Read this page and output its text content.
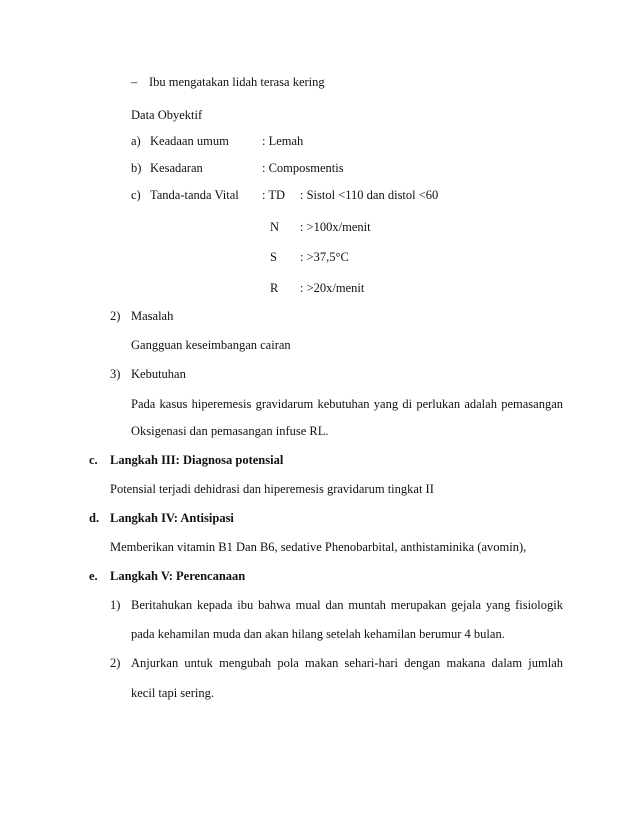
– Ibu mengatakan lidah terasa kering
Data Obyektif
a) Keadaan umum	: Lemah
b) Kesadaran	: Composmentis
c) Tanda-tanda Vital : TD : Sistol <110 dan distol <60
N : >100x/menit
S : >37,5°C
R : >20x/menit
2) Masalah
Gangguan keseimbangan cairan
3) Kebutuhan
Pada kasus hiperemesis gravidarum kebutuhan yang di perlukan adalah pemasangan
Oksigenasi dan pemasangan infuse RL.
c. Langkah III: Diagnosa potensial
Potensial terjadi dehidrasi dan hiperemesis gravidarum tingkat II
d. Langkah IV: Antisipasi
Memberikan vitamin B1 Dan B6, sedative Phenobarbital, anthistaminika (avomin),
e. Langkah V: Perencanaan
1) Beritahukan kepada ibu bahwa mual dan muntah merupakan gejala yang fisiologik
pada kehamilan muda dan akan hilang setelah kehamilan berumur 4 bulan.
2) Anjurkan untuk mengubah pola makan sehari-hari dengan makana dalam jumlah
kecil tapi sering.
